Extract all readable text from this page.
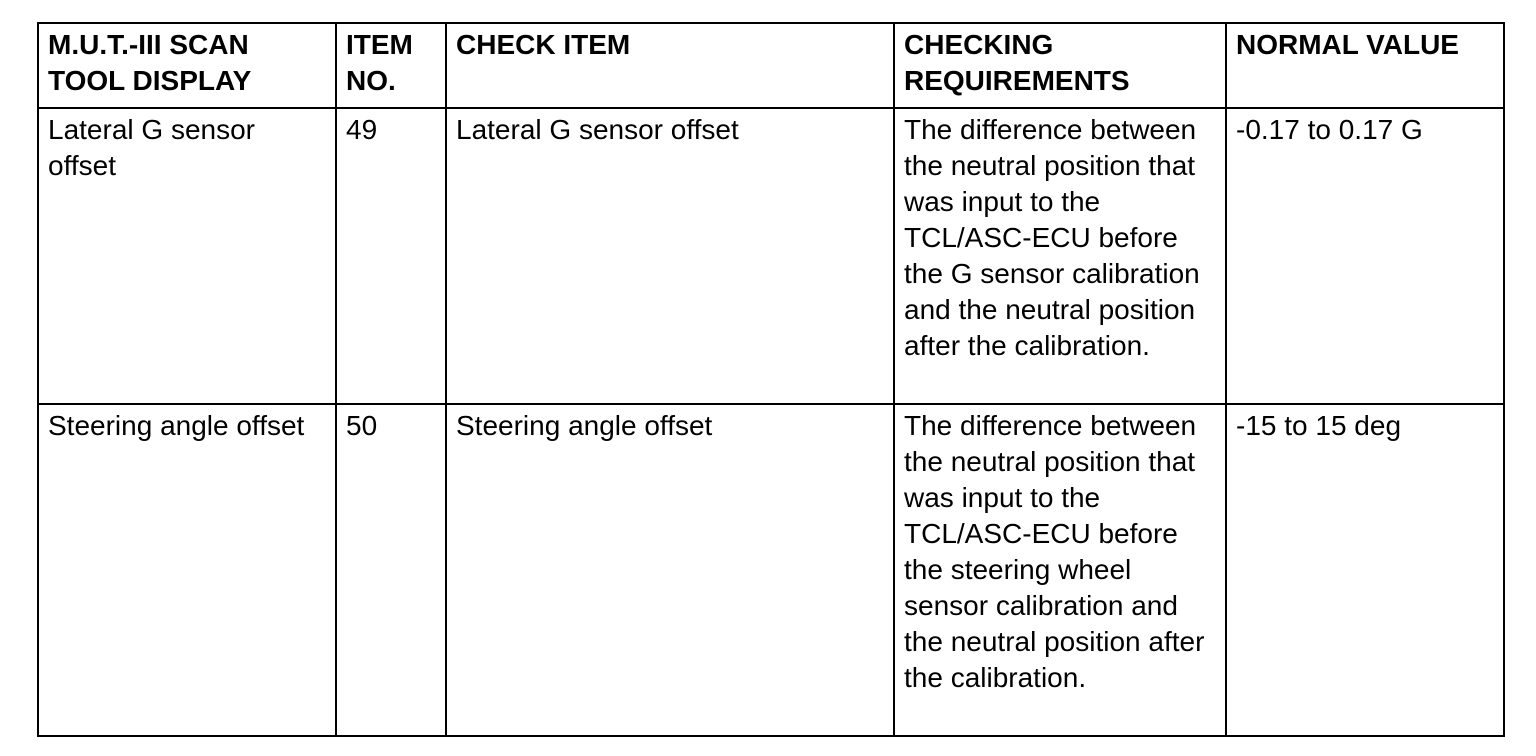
M.U.T.-III SCAN TOOL DISPLAY	ITEM NO.	CHECK ITEM	CHECKING REQUIREMENTS	NORMAL VALUE
Lateral G sensor offset	49	Lateral G sensor offset	The difference between the neutral position that was input to the TCL/ASC-ECU before the G sensor calibration and the neutral position after the calibration.	-0.17 to 0.17 G
Steering angle offset	50	Steering angle offset	The difference between the neutral position that was input to the TCL/ASC-ECU before the steering wheel sensor calibration and the neutral position after the calibration.	-15 to 15 deg
